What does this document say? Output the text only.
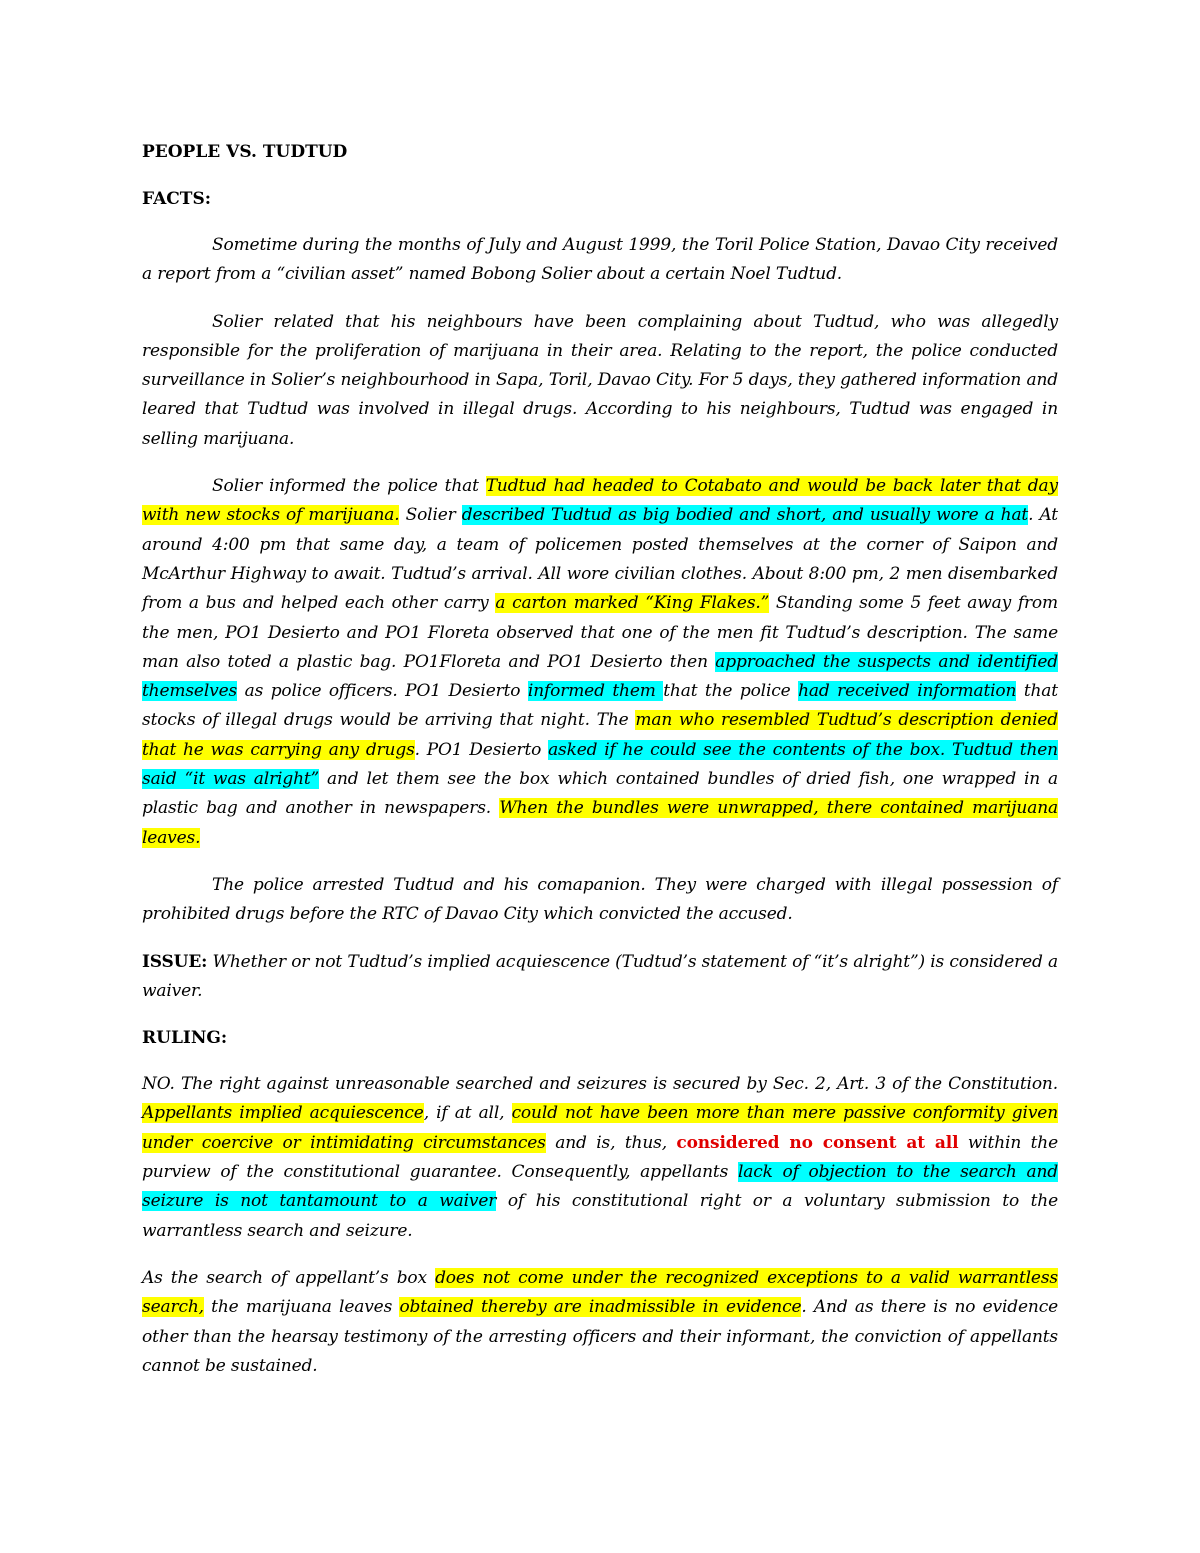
PEOPLE VS. TUDTUD
FACTS:

Sometime during the months of July and August 1999, the Toril Police Station, Davao City received a report from a “civilian asset” named Bobong Solier about a certain Noel Tudtud.

Solier related that his neighbours have been complaining about Tudtud, who was allegedly responsible for the proliferation of marijuana in their area. Relating to the report, the police conducted surveillance in Solier’s neighbourhood in Sapa, Toril, Davao City. For 5 days, they gathered information and leared that Tudtud was involved in illegal drugs. According to his neighbours, Tudtud was engaged in selling marijuana.

Solier informed the police that Tudtud had headed to Cotabato and would be back later that day with new stocks of marijuana. Solier described Tudtud as big bodied and short, and usually wore a hat. At around 4:00 pm that same day, a team of policemen posted themselves at the corner of Saipon and McArthur Highway to await. Tudtud’s arrival. All wore civilian clothes. About 8:00 pm, 2 men disembarked from a bus and helped each other carry a carton marked “King Flakes.” Standing some 5 feet away from the men, PO1 Desierto and PO1 Floreta observed that one of the men fit Tudtud’s description. The same man also toted a plastic bag. PO1Floreta and PO1 Desierto then approached the suspects and identified themselves as police officers. PO1 Desierto informed them that the police had received information that stocks of illegal drugs would be arriving that night. The man who resembled Tudtud’s description denied that he was carrying any drugs. PO1 Desierto asked if he could see the contents of the box. Tudtud then said “it was alright” and let them see the box which contained bundles of dried fish, one wrapped in a plastic bag and another in newspapers. When the bundles were unwrapped, there contained marijuana leaves.

The police arrested Tudtud and his comapanion. They were charged with illegal possession of prohibited drugs before the RTC of Davao City which convicted the accused.

ISSUE: Whether or not Tudtud’s implied acquiescence (Tudtud’s statement of “it’s alright”) is considered a waiver.

RULING:

NO. The right against unreasonable searched and seizures is secured by Sec. 2, Art. 3 of the Constitution. Appellants implied acquiescence, if at all, could not have been more than mere passive conformity given under coercive or intimidating circumstances and is, thus, considered no consent at all within the purview of the constitutional guarantee. Consequently, appellants lack of objection to the search and seizure is not tantamount to a waiver of his constitutional right or a voluntary submission to the warrantless search and seizure.

As the search of appellant’s box does not come under the recognized exceptions to a valid warrantless search, the marijuana leaves obtained thereby are inadmissible in evidence. And as there is no evidence other than the hearsay testimony of the arresting officers and their informant, the conviction of appellants cannot be sustained.
